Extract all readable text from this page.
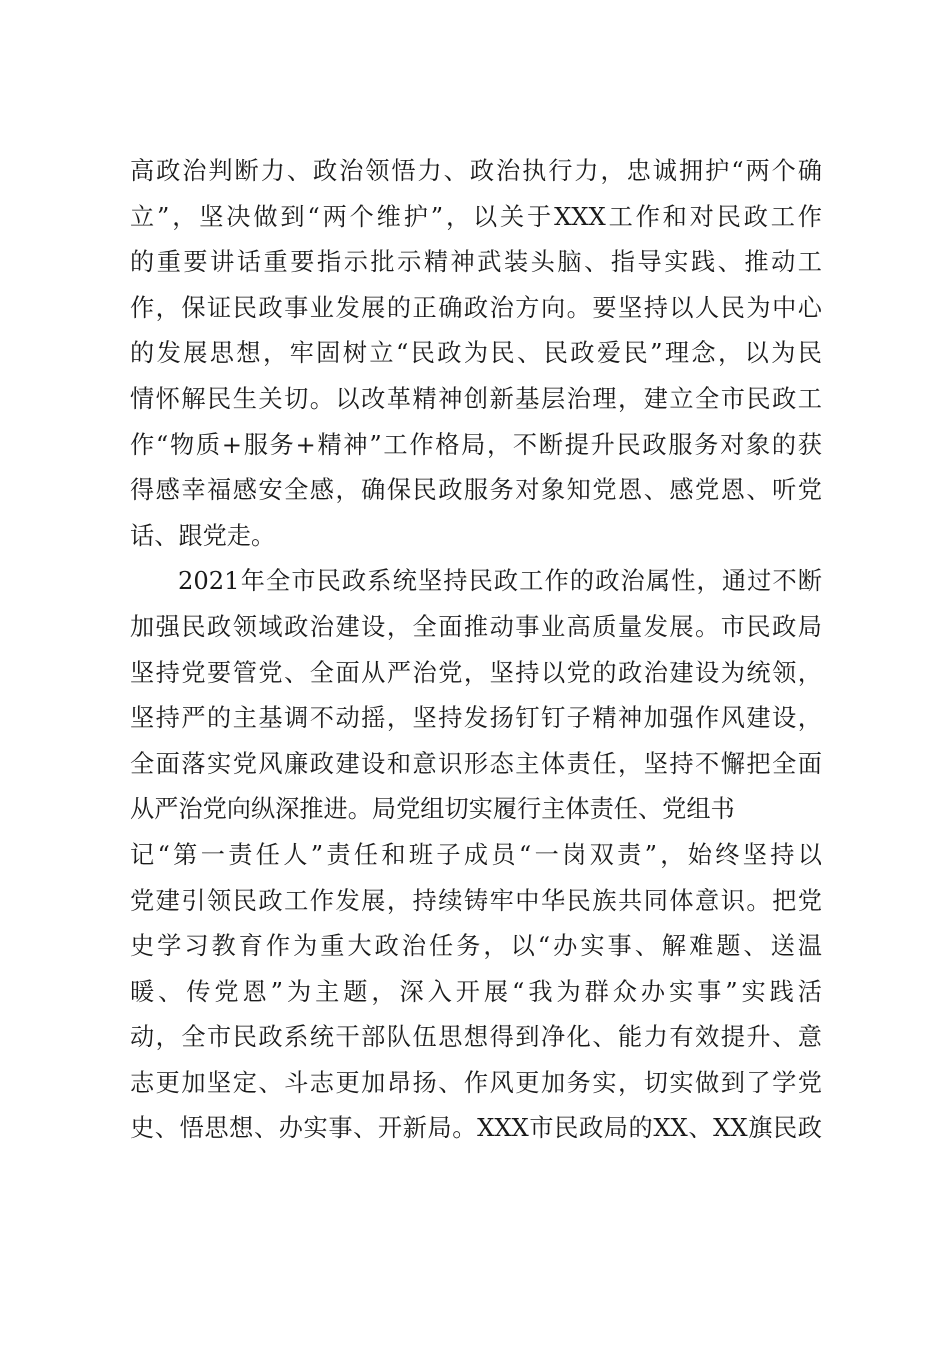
高政治判断力、政治领悟力、政治执行力，忠诚拥护“两个确
立”，坚决做到“两个维护”，以关于XXX工作和对民政工作
的重要讲话重要指示批示精神武装头脑、指导实践、推动工
作，保证民政事业发展的正确政治方向。要坚持以人民为中心
的发展思想，牢固树立“民政为民、民政爱民”理念，以为民
情怀解民生关切。以改革精神创新基层治理，建立全市民政工
作“物质+服务+精神”工作格局，不断提升民政服务对象的获
得感幸福感安全感，确保民政服务对象知党恩、感党恩、听党
话、跟党走。
2021年全市民政系统坚持民政工作的政治属性，通过不断
加强民政领域政治建设，全面推动事业高质量发展。市民政局
坚持党要管党、全面从严治党，坚持以党的政治建设为统领，
坚持严的主基调不动摇，坚持发扬钉钉子精神加强作风建设，
全面落实党风廉政建设和意识形态主体责任，坚持不懈把全面
从严治党向纵深推进。局党组切实履行主体责任、党组书
记“第一责任人”责任和班子成员“一岗双责”，始终坚持以
党建引领民政工作发展，持续铸牢中华民族共同体意识。把党
史学习教育作为重大政治任务，以“办实事、解难题、送温
暖、传党恩”为主题，深入开展“我为群众办实事”实践活
动，全市民政系统干部队伍思想得到净化、能力有效提升、意
志更加坚定、斗志更加昂扬、作风更加务实，切实做到了学党
史、悟思想、办实事、开新局。XXX市民政局的XX、XX旗民政
